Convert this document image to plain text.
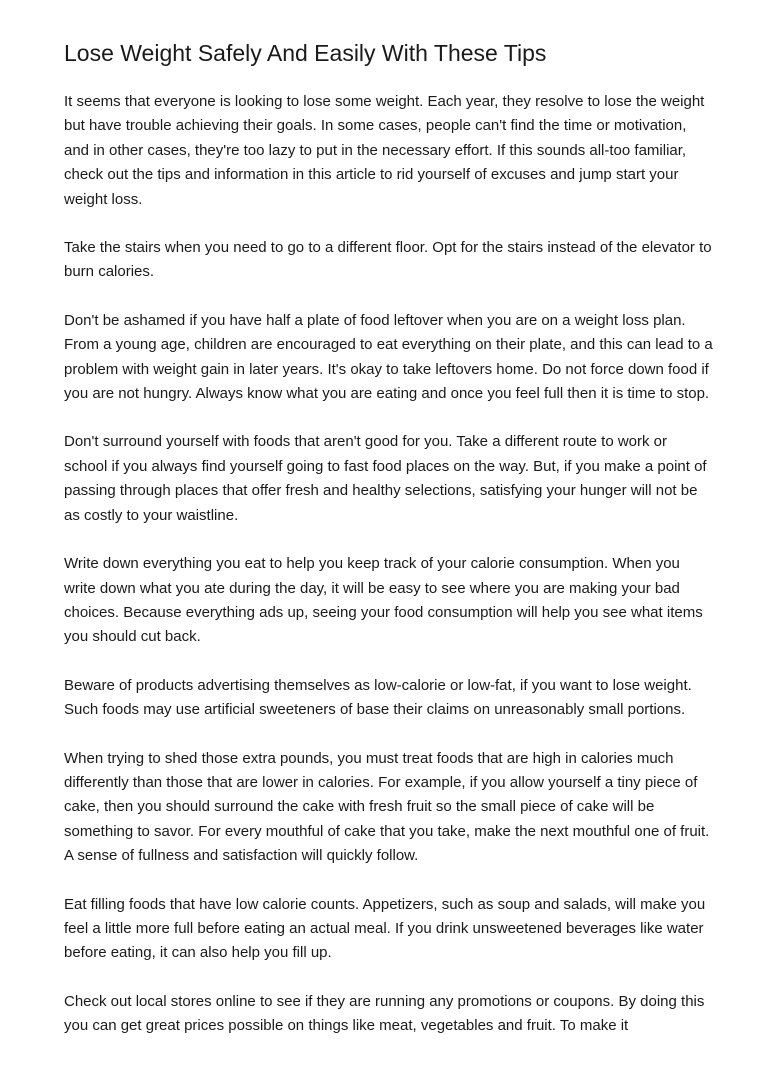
Lose Weight Safely And Easily With These Tips

It seems that everyone is looking to lose some weight. Each year, they resolve to lose the weight but have trouble achieving their goals. In some cases, people can't find the time or motivation, and in other cases, they're too lazy to put in the necessary effort. If this sounds all-too familiar, check out the tips and information in this article to rid yourself of excuses and jump start your weight loss.

Take the stairs when you need to go to a different floor. Opt for the stairs instead of the elevator to burn calories.

Don't be ashamed if you have half a plate of food leftover when you are on a weight loss plan. From a young age, children are encouraged to eat everything on their plate, and this can lead to a problem with weight gain in later years. It's okay to take leftovers home. Do not force down food if you are not hungry. Always know what you are eating and once you feel full then it is time to stop.

Don't surround yourself with foods that aren't good for you. Take a different route to work or school if you always find yourself going to fast food places on the way. But, if you make a point of passing through places that offer fresh and healthy selections, satisfying your hunger will not be as costly to your waistline.

Write down everything you eat to help you keep track of your calorie consumption. When you write down what you ate during the day, it will be easy to see where you are making your bad choices. Because everything ads up, seeing your food consumption will help you see what items you should cut back.

Beware of products advertising themselves as low-calorie or low-fat, if you want to lose weight. Such foods may use artificial sweeteners of base their claims on unreasonably small portions.

When trying to shed those extra pounds, you must treat foods that are high in calories much differently than those that are lower in calories. For example, if you allow yourself a tiny piece of cake, then you should surround the cake with fresh fruit so the small piece of cake will be something to savor. For every mouthful of cake that you take, make the next mouthful one of fruit. A sense of fullness and satisfaction will quickly follow.

Eat filling foods that have low calorie counts. Appetizers, such as soup and salads, will make you feel a little more full before eating an actual meal. If you drink unsweetened beverages like water before eating, it can also help you fill up.

Check out local stores online to see if they are running any promotions or coupons. By doing this you can get great prices possible on things like meat, vegetables and fruit. To make it
